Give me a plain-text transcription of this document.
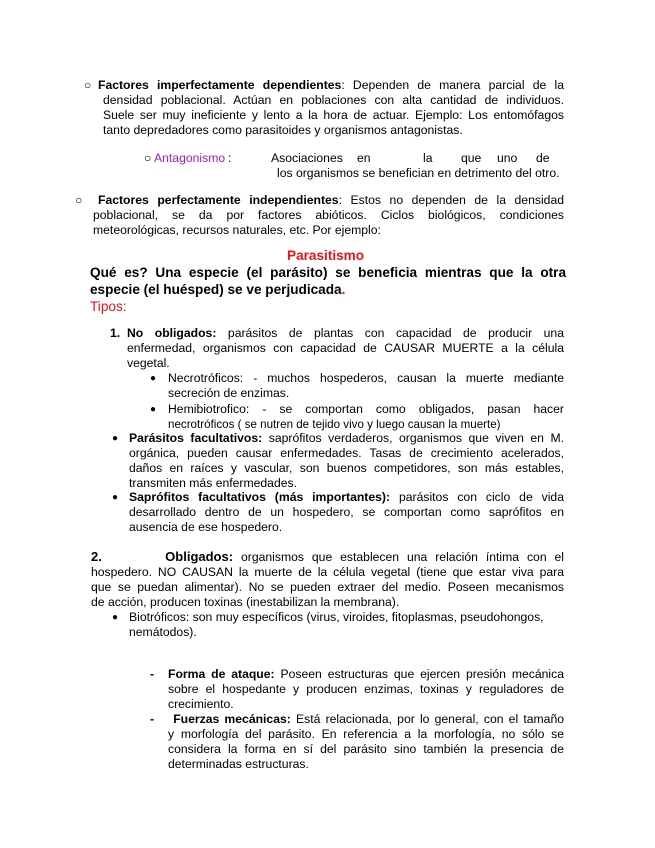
○ Factores imperfectamente dependientes: Dependen de manera parcial de la
densidad poblacional. Actúan en poblaciones con alta cantidad de individuos.
Suele ser muy ineficiente y lento a la hora de actuar. Ejemplo: Los entomófagos
tanto depredadores como parasitoides y organismos antagonistas.
○ Antagonismo :	Asociaciones en	la que uno de
los organismos se benefician en detrimento del otro.
○ Factores perfectamente independientes: Estos no dependen de la densidad
poblacional, se da por factores abióticos. Ciclos biológicos, condiciones
meteorológicas, recursos naturales, etc. Por ejemplo:
Parasitismo
Qué es? Una especie (el parásito) se beneficia mientras que la otra
especie (el huésped) se ve perjudicada.
Tipos:
1. No obligados: parásitos de plantas con capacidad de producir una
enfermedad, organismos con capacidad de CAUSAR MUERTE a la célula
vegetal.
● Necrotróficos: - muchos hospederos, causan la muerte mediante
secreción de enzimas.
● Hemibiotrofico: - se comportan como obligados, pasan hacer
necrotróficos ( se nutren de tejido vivo y luego causan la muerte)
● Parásitos facultativos: saprófitos verdaderos, organismos que viven en M.
orgánica, pueden causar enfermedades. Tasas de crecimiento acelerados,
daños en raíces y vascular, son buenos competidores, son más estables,
transmiten más enfermedades.
● Saprófitos facultativos (más importantes): parásitos con ciclo de vida
desarrollado dentro de un hospedero, se comportan como saprófitos en
ausencia de ese hospedero.
2.	Obligados: organismos que establecen una relación íntima con el
hospedero. NO CAUSAN la muerte de la célula vegetal (tiene que estar viva para
que se puedan alimentar). No se pueden extraer del medio. Poseen mecanismos
de acción, producen toxinas (inestabilizan la membrana).
● Biotróficos: son muy específicos (virus, viroides, fitoplasmas, pseudohongos,
nemátodos).
- Forma de ataque: Poseen estructuras que ejercen presión mecánica
sobre el hospedante y producen enzimas, toxinas y reguladores de
crecimiento.
-	Fuerzas mecánicas: Está relacionada, por lo general, con el tamaño
y morfología del parásito. En referencia a la morfología, no sólo se
considera la forma en sí del parásito sino también la presencia de
determinadas estructuras.
